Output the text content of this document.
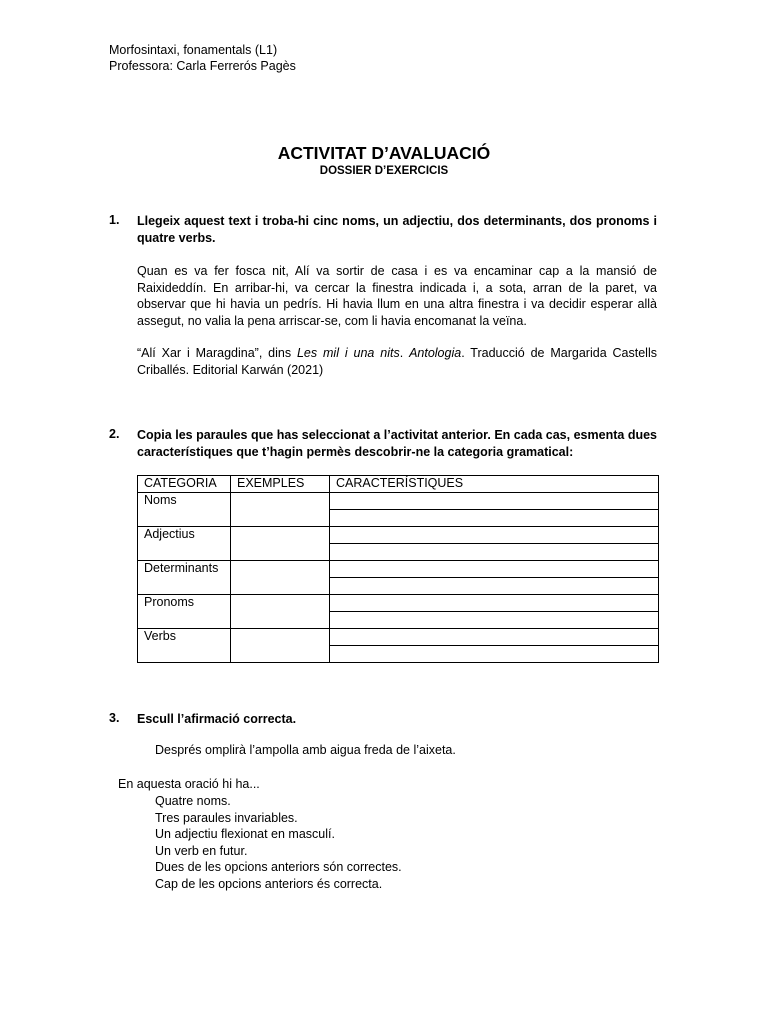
Morfosintaxi, fonamentals (L1)
Professora: Carla Ferrerós Pagès
ACTIVITAT D’AVALUACIÓ
DOSSIER D’EXERCICIS
1. Llegeix aquest text i troba-hi cinc noms, un adjectiu, dos determinants, dos pronoms i quatre verbs.
Quan es va fer fosca nit, Alí va sortir de casa i es va encaminar cap a la mansió de Raixideddín. En arribar-hi, va cercar la finestra indicada i, a sota, arran de la paret, va observar que hi havia un pedrís. Hi havia llum en una altra finestra i va decidir esperar allà assegut, no valia la pena arriscar-se, com li havia encomanat la veïna.
“Alí Xar i Maragdina”, dins Les mil i una nits. Antologia. Traducció de Margarida Castells Criballés. Editorial Karwán (2021)
2. Copia les paraules que has seleccionat a l’activitat anterior. En cada cas, esmenta dues característiques que t’hagin permès descobrir-ne la categoria gramatical:
CATEGORIA	EXEMPLES	CARACTERÍSTIQUES
Noms		

Adjectius		

Determinants		

Pronoms		

Verbs		

3. Escull l’afirmació correcta.
Després omplirà l’ampolla amb aigua freda de l’aixeta.
En aquesta oració hi ha...
Quatre noms.
Tres paraules invariables.
Un adjectiu flexionat en masculí.
Un verb en futur.
Dues de les opcions anteriors són correctes.
Cap de les opcions anteriors és correcta.
